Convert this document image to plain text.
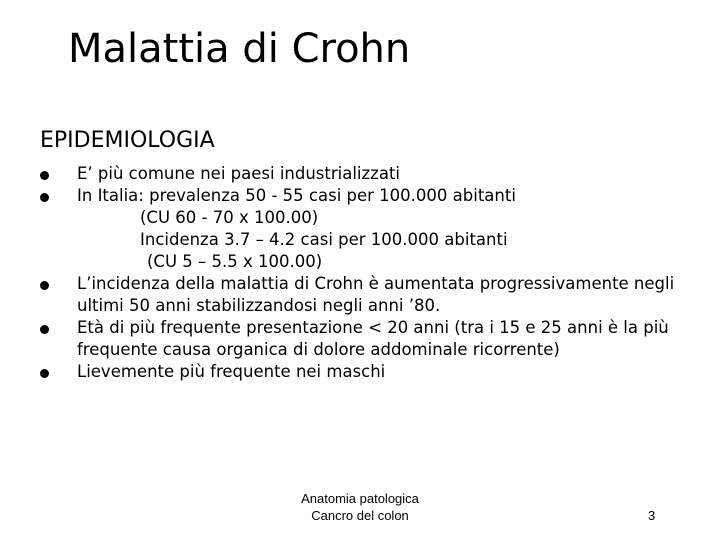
Malattia di Crohn
EPIDEMIOLOGIA
E’ più comune nei paesi industrializzati
In Italia: prevalenza 50 - 55 casi per 100.000 abitanti
(CU 60 - 70 x 100.00)
Incidenza 3.7 – 4.2 casi per 100.000 abitanti
(CU 5 – 5.5 x 100.00)
L’incidenza della malattia di Crohn è aumentata progressivamente negli ultimi 50 anni stabilizzandosi negli anni ’80.
Età di più frequente presentazione < 20 anni (tra i 15 e 25 anni è la più frequente causa organica di dolore addominale ricorrente)
Lievemente più frequente nei maschi
Anatomia patologica
Cancro del colon	3
